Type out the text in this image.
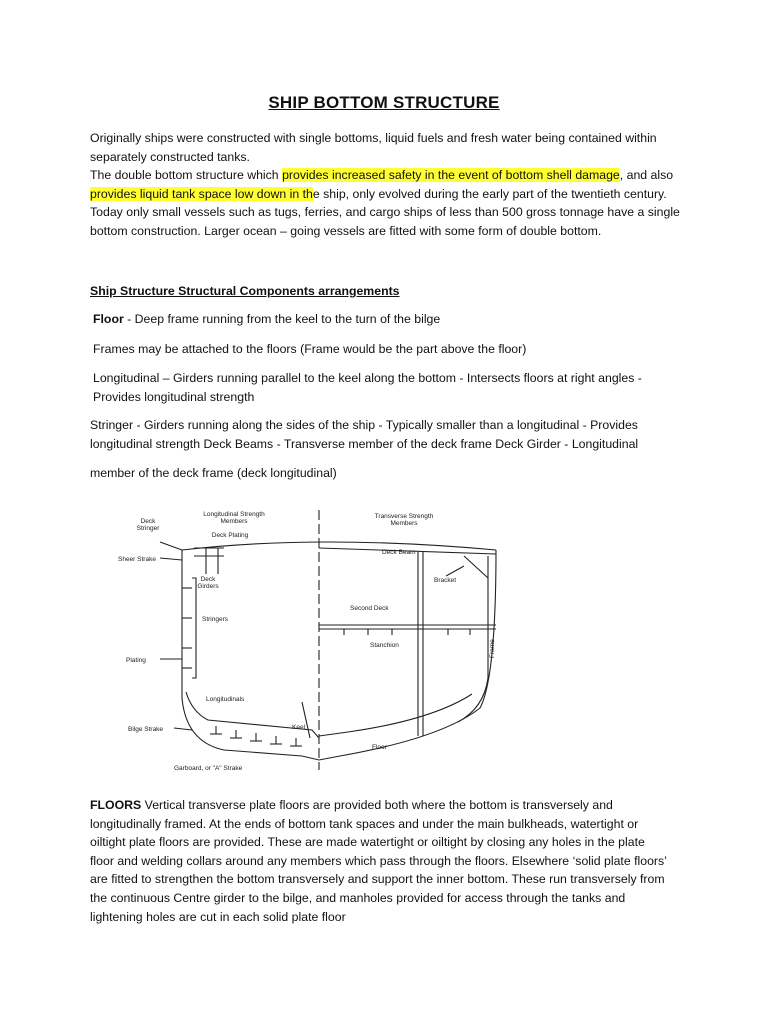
SHIP BOTTOM STRUCTURE
Originally ships were constructed with single bottoms, liquid fuels and fresh water being contained within separately constructed tanks.
The double bottom structure which provides increased safety in the event of bottom shell damage, and also provides liquid tank space low down in the ship, only evolved during the early part of the twentieth century.
Today only small vessels such as tugs, ferries, and cargo ships of less than 500 gross tonnage have a single bottom construction. Larger ocean – going vessels are fitted with some form of double bottom.
Ship Structure Structural Components arrangements
Floor - Deep frame running from the keel to the turn of the bilge
Frames may be attached to the floors (Frame would be the part above the floor)
Longitudinal – Girders running parallel to the keel along the bottom - Intersects floors at right angles - Provides longitudinal strength
Stringer - Girders running along the sides of the ship - Typically smaller than a longitudinal - Provides longitudinal strength Deck Beams - Transverse member of the deck frame Deck Girder - Longitudinal
member of the deck frame (deck longitudinal)
Longitudinal Strength
Members
Transverse Strength
Members
Deck
Stringer
Deck Plating
Sheer Strake
Deck
Girders
Stringers
Plating
Longitudinals
Bilge Strake	Keel
Garboard, or "A" Strake
Deck Beam
Bracket
Second Deck
Stanchion	Frame
Floor
FLOORS Vertical transverse plate floors are provided both where the bottom is transversely and longitudinally framed. At the ends of bottom tank spaces and under the main bulkheads, watertight or oiltight plate floors are provided. These are made watertight or oiltight by closing any holes in the plate floor and welding collars around any members which pass through the floors. Elsewhere ‘solid plate floors’ are fitted to strengthen the bottom transversely and support the inner bottom. These run transversely from the continuous Centre girder to the bilge, and manholes provided for access through the tanks and lightening holes are cut in each solid plate floor
